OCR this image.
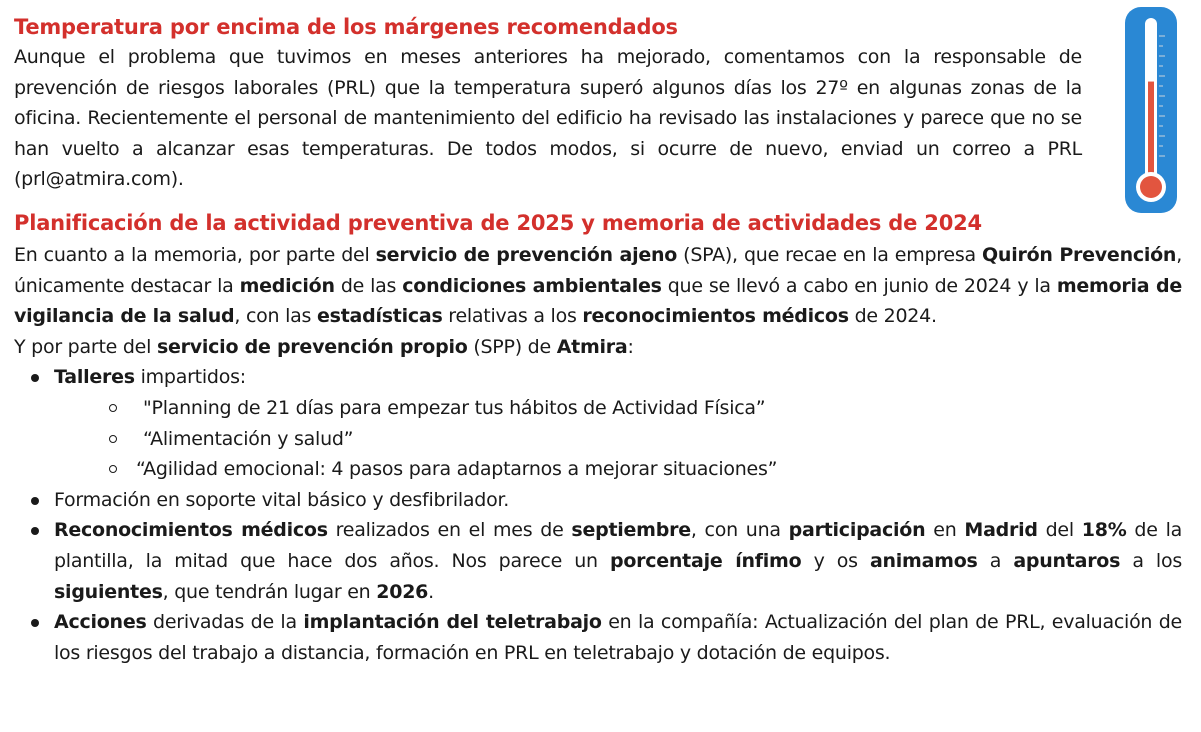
Temperatura por encima de los márgenes recomendados

Aunque el problema que tuvimos en meses anteriores ha mejorado, comentamos con la responsable de prevención de riesgos laborales (PRL) que la temperatura superó algunos días los 27º en algunas zonas de la oficina. Recientemente el personal de mantenimiento del edificio ha revisado las instalaciones y parece que no se han vuelto a alcanzar esas temperaturas. De todos modos, si ocurre de nuevo, enviad un correo a PRL (prl@atmira.com).

Planificación de la actividad preventiva de 2025 y memoria de actividades de 2024

En cuanto a la memoria, por parte del servicio de prevención ajeno (SPA), que recae en la empresa Quirón Prevención, únicamente destacar la medición de las condiciones ambientales que se llevó a cabo en junio de 2024 y la memoria de vigilancia de la salud, con las estadísticas relativas a los reconocimientos médicos de 2024.

Y por parte del servicio de prevención propio (SPP) de Atmira:

Talleres impartidos:
"Planning de 21 días para empezar tus hábitos de Actividad Física”
“Alimentación y salud”
“Agilidad emocional: 4 pasos para adaptarnos a mejorar situaciones”
Formación en soporte vital básico y desfibrilador.
Reconocimientos médicos realizados en el mes de septiembre, con una participación en Madrid del 18% de la plantilla, la mitad que hace dos años. Nos parece un porcentaje ínfimo y os animamos a apuntaros a los siguientes, que tendrán lugar en 2026.
Acciones derivadas de la implantación del teletrabajo en la compañía: Actualización del plan de PRL, evaluación de los riesgos del trabajo a distancia, formación en PRL en teletrabajo y dotación de equipos.
